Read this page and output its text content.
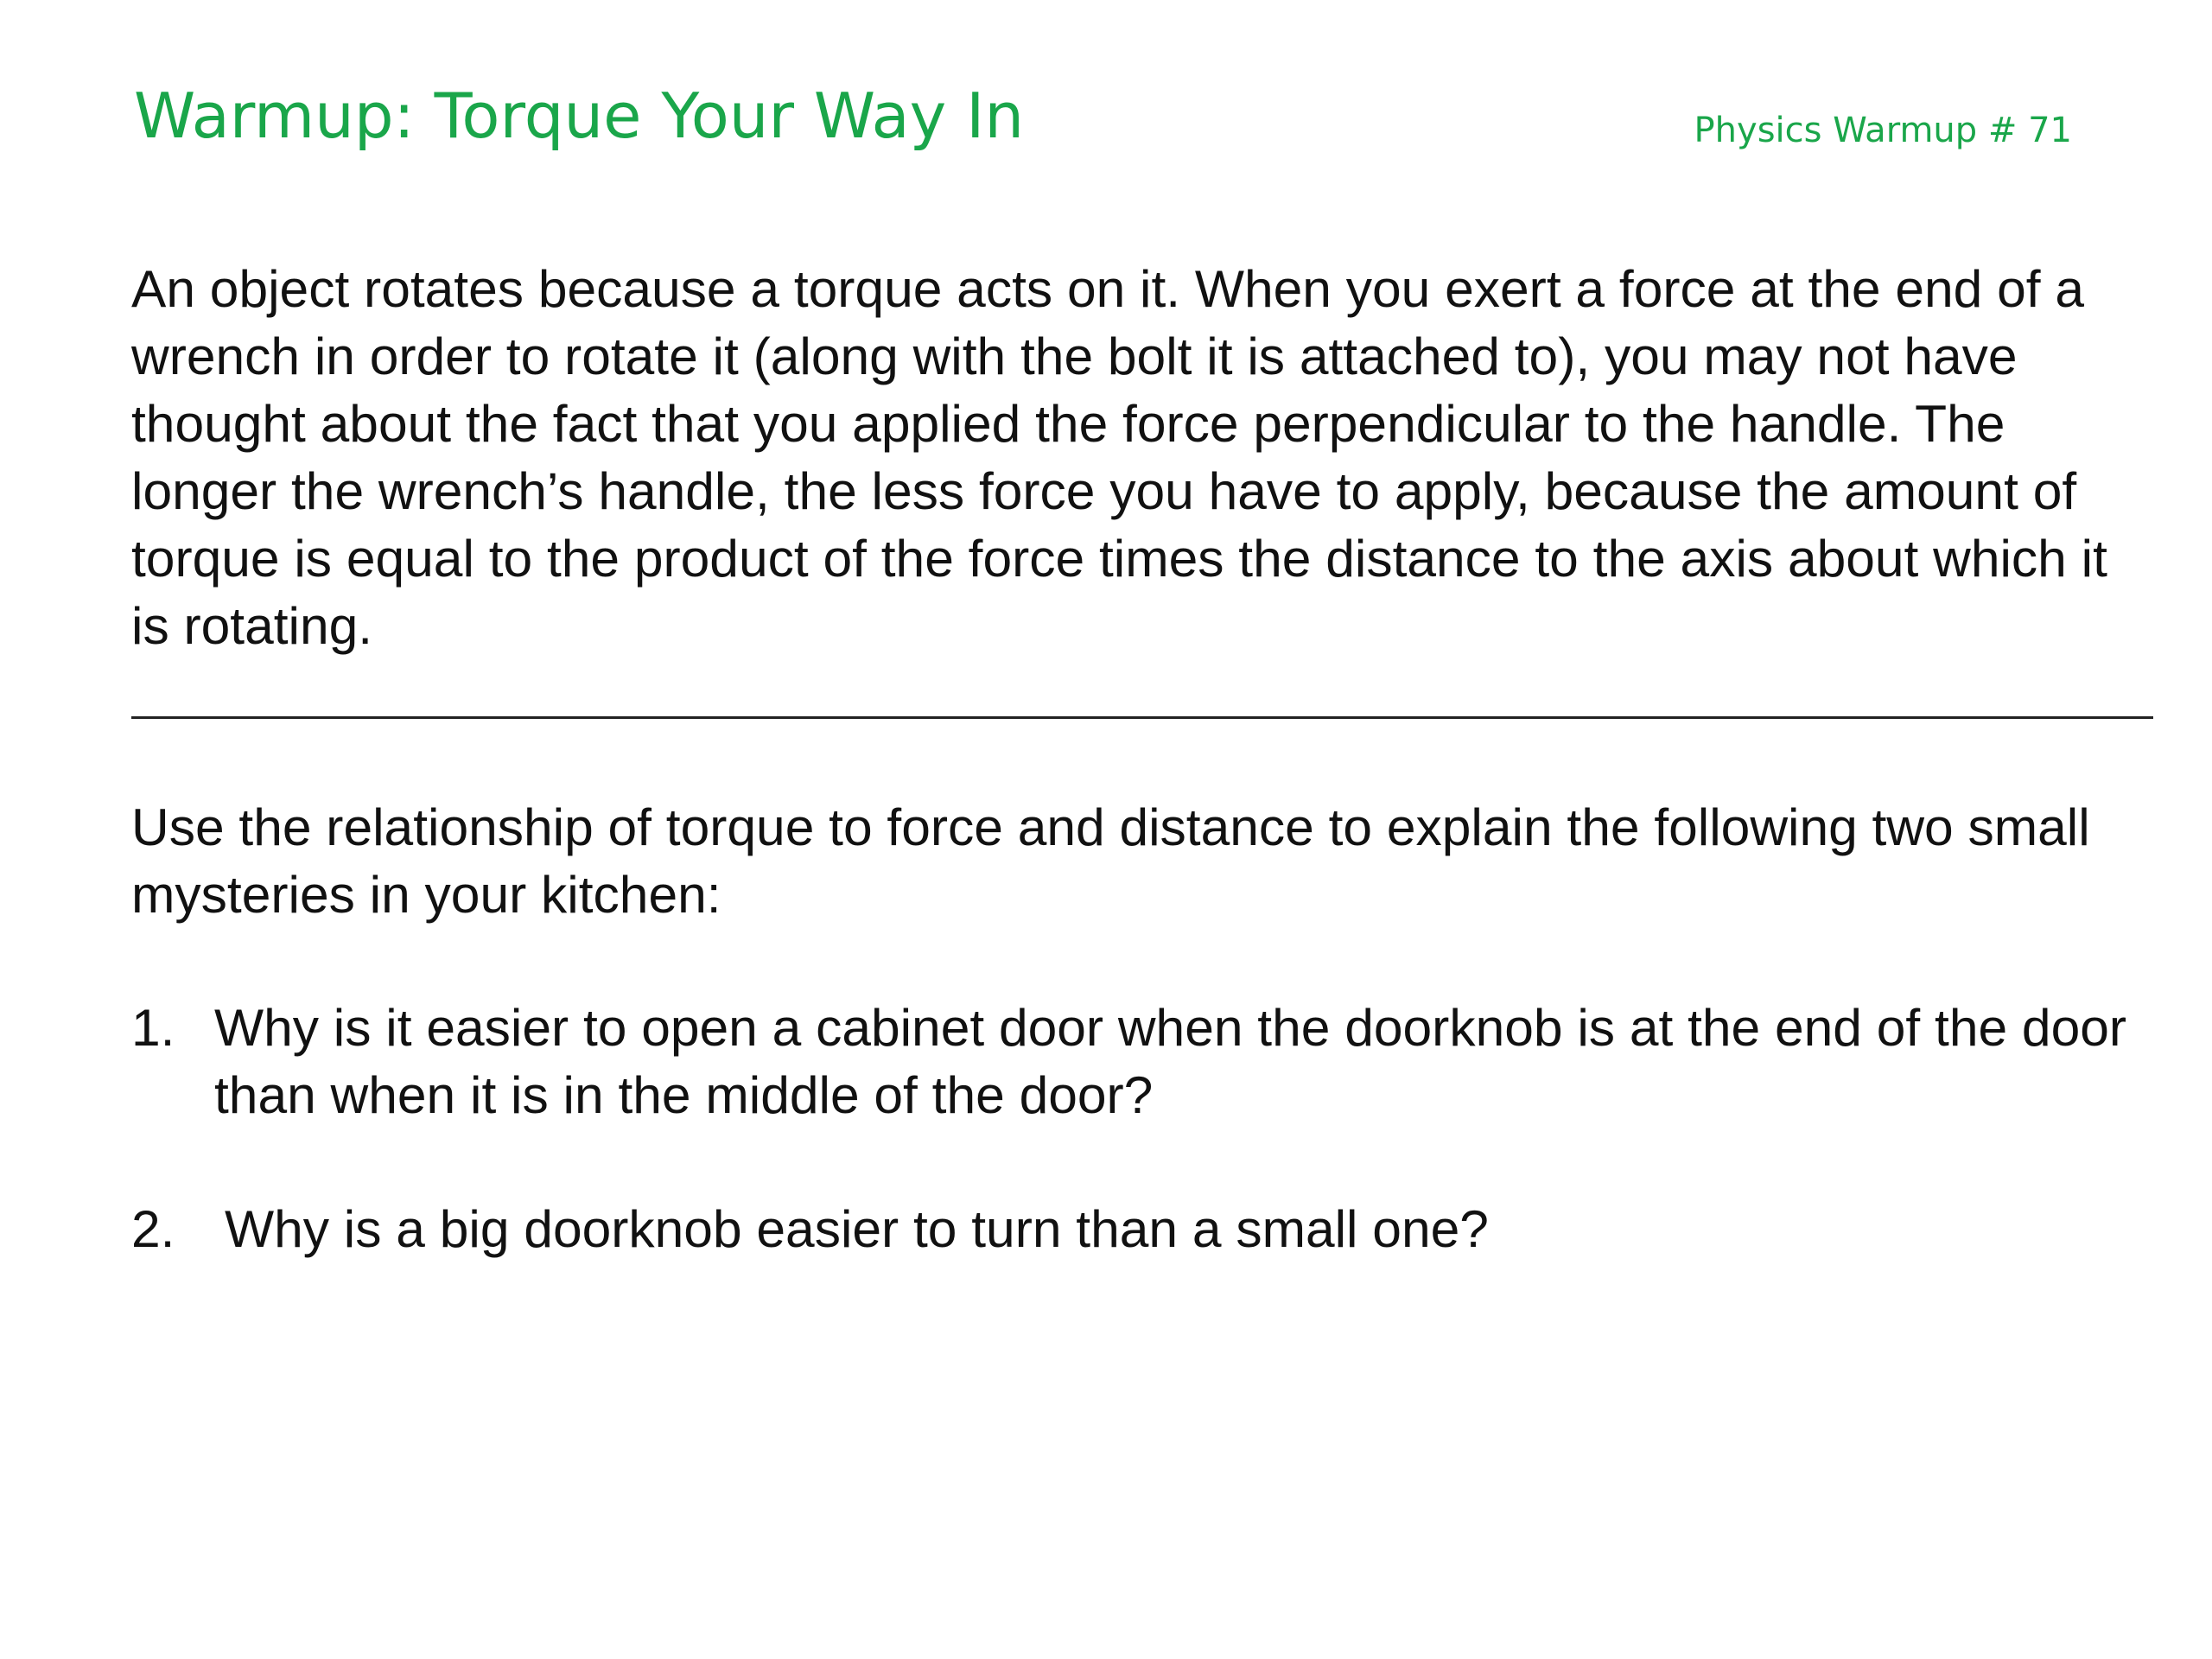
Warmup: Torque Your Way In	Physics Warmup # 71

An object rotates because a torque acts on it. When you exert a force at the end of a wrench in order to rotate it (along with the bolt it is attached to), you may not have thought about the fact that you applied the force perpendicular to the handle. The longer the wrench’s handle, the less force you have to apply, because the amount of torque is equal to the product of the force times the distance to the axis about which it is rotating.

Use the relationship of torque to force and distance to explain the following two small mysteries in your kitchen:

1. Why is it easier to open a cabinet door when the doorknob is at the end of the door than when it is in the middle of the door?
2. Why is a big doorknob easier to turn than a small one?
